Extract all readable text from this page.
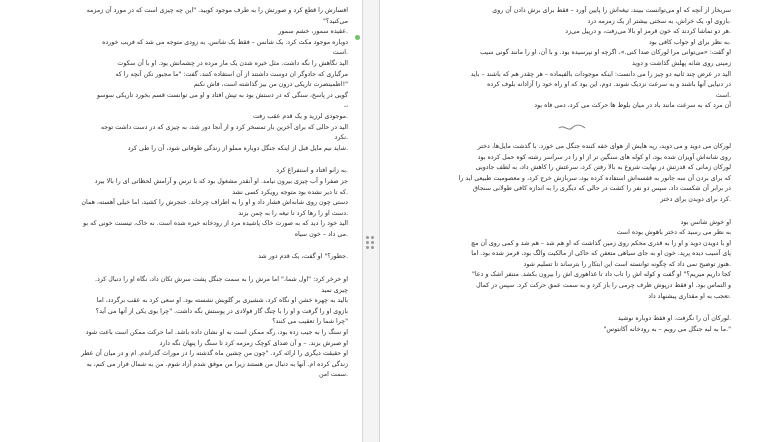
افسارش را قطع کرد و صورتش را به طرف موجود کوبید. "این چه چیزی است که در مورد آن زمزمه

می‌کنید؟"

.عقیده سمور، خشم سمور

دوباره موجود مکث کرد. یک شانس – فقط یک شانس. به زودی متوجه می شد که فریب خورده

.است

الید نگاهش را نگه داشت. مثل خیره شدن یک مار مرده در چشمانش بود. او با آن سکوت

مرگباری که جادوگر ان دوست داشتند از آن استفاده کنند، گفت: "ما مجبور نکن آنچه را که

"!اطمینضرت تاریکی درون من بیز گذاشته است، فاش نکنم

گویی در پاسخ، سنگی که در دستش بود به تپش افتاد و او می توانست قسم بخورد تاریکی سوسو

،،

.موجودی لرزید و یک قدم عقب رفت

الید در حالی که برای آخرین بار تمسخر کرد و از آنجا دور شد، به چیزی که در دست داشت توجه

.نکرد

.شاید نیم مایل قبل از اینکه جنگل دوباره مملو از زندگی طوفانی شود، آن را طی کرد

.به زانو افتاد و استفراغ کرد

جز صفرا و آب چیزی بیرون نیامد. او آنقدر مشغول بود که با ترس و آرامش لحظاتی ای را بالا بیرد

.که تا دیر نشده بود متوجه رویکرد کسی نشد

دستی چون روی شانه‌اش فشار داد و او را به اطراف چرخاند. خنجرش را کشید، اما خیلی آهسته، همان

.دست او را رها کرد تا تیغه را به چمن بزند

الید خود را دید که به صورت خاک پاشیده مرد از رودخانه خیره شده است. نه خاک، تیسنت خونی که بو

.می داد – خون سیاه

.جطور؟" او گفت، یک قدم دور شد

او خرخر کرد: "اول شما،" اما مرش را به سمت جنگل پشت سرش تکان داد، نگاه او را دنبال کرد.

چیزی نمید

بالید به چهره خشن او نگاه کرد، ششیری بر گلویش نشسته بود. او سعی کرد به عقب برگردد، اما

بازوی او را گرفت و او را با چنگ گاز فولادی در پوستش نگه داشت. "چرا بوی یکی از آنها می آید؟

"چرا شما را تعقیب می کنند؟

او سنگ را به جیب زده بود، رگه ممکن است به او نشان داده باشد. اما حرکت ممکن است باعث شود

او صبرش بزند. – و آن ضدای کوچک زمزمه کرد تا سنگ را پنهان نگه دارد

او حقیقت دیگری را ارائه کرد. "چون من چشین ماه گذشته را در موراث گذراندم. ام و در میان آن عطر

زندگی کرده ام. آنها به دنبال من هستند زیرا من موفق شدم آزاد شوم. من به شمال فرار می کنم، به

.سمت امن

سربخار از آنچه که او می‌توانست ببیند، تیغه‌اش را پایین آورد – فقط برای برش دادن آن روی

.بازوی او، یک خراش، به سختی بیشتر از یک زمزمه درد

.هر دو تماشا کردند که خون قرمز او بالا می‌رفت، و درپیل می‌زد

.به نظر برای او جواب کافی بود

او گفت: «می‌توانی مرا لورکان صدا کنی.»، اگرچه او نپرسیده بود. و با آن، او را مانند گونی سیب

زمینی روی شانه پهلش گذاشت و دوید

الید در عرض چند ثانیه دو چیز را می دانست: اینکه موجودات بالفیماده – هر چقدر هم که باشند – باید

در دنیایی آنها باشند و به سرعت نزدیک شوند. دوم، این بود که او راه خود را آزادانه بلوف کرده

.است

آن مرد که به سرعت مانند باد در میان بلوط ها حرکت می کرد، دمی فاه بود

لورکان می دوید و می دوید، رپه هایش از هوای خفه کننده جنگل می خورد. با گذشت مایل‌ها، دختر

روی شانه‌اش آویزان شده بود، او کوله های سنگین تر از او را در سراسر رشته کوه حمل کرده بود

لورکان زمانی که قدرتش در نهایت شروع به بالا رفتن کرد، سرعتش را کاهش داد، به لطف جادویی

که برای بردن آن سه جانور به قفسه‌اش استفاده کرده بود، سربازش خرج کرد، و معصومیت طبیعی اید را

در برابر آن شکست داد، سپس دو نفر را کشت در حالی که دیگری را به اندازه کافی طولانی سنجاق

.کرد برای دویدن برای دختر

او خوش شانس بود

به نظر می رسید که دختر باهوش بوده است

او با دویدن دوید و او را به قدری محکم روی زمین گذاشت که او هم شد – هم شد و کمی روی آن مچ

پای آسیب دیده پرید. خون او به جای سیاهی متعفن که حاکی از مالکیت والگ بود، قرمز شده بود. اما

.هنوز توضیح نمی داد که چگونه توانسته است این ابتکار را بترساند تا تسلیم شود

کجا داریم میریم؟" او گفت و کوله اش را تاب داد تا غذاهوری اش را بیرون بکشد. متنفر اشک و دعا"

و التماس بود. او فقط درپوش ظرف چرمی را باز کرد و به سمت عمق حرکت کرد. سپس در کمال

.تعجب به او مقداری پیشنهاد داد

.لورکان آن را نگرفت. او فقط دوباره نوشید

".ما به لبه جنگل می رویم – به رودخانه آکانتوس"
